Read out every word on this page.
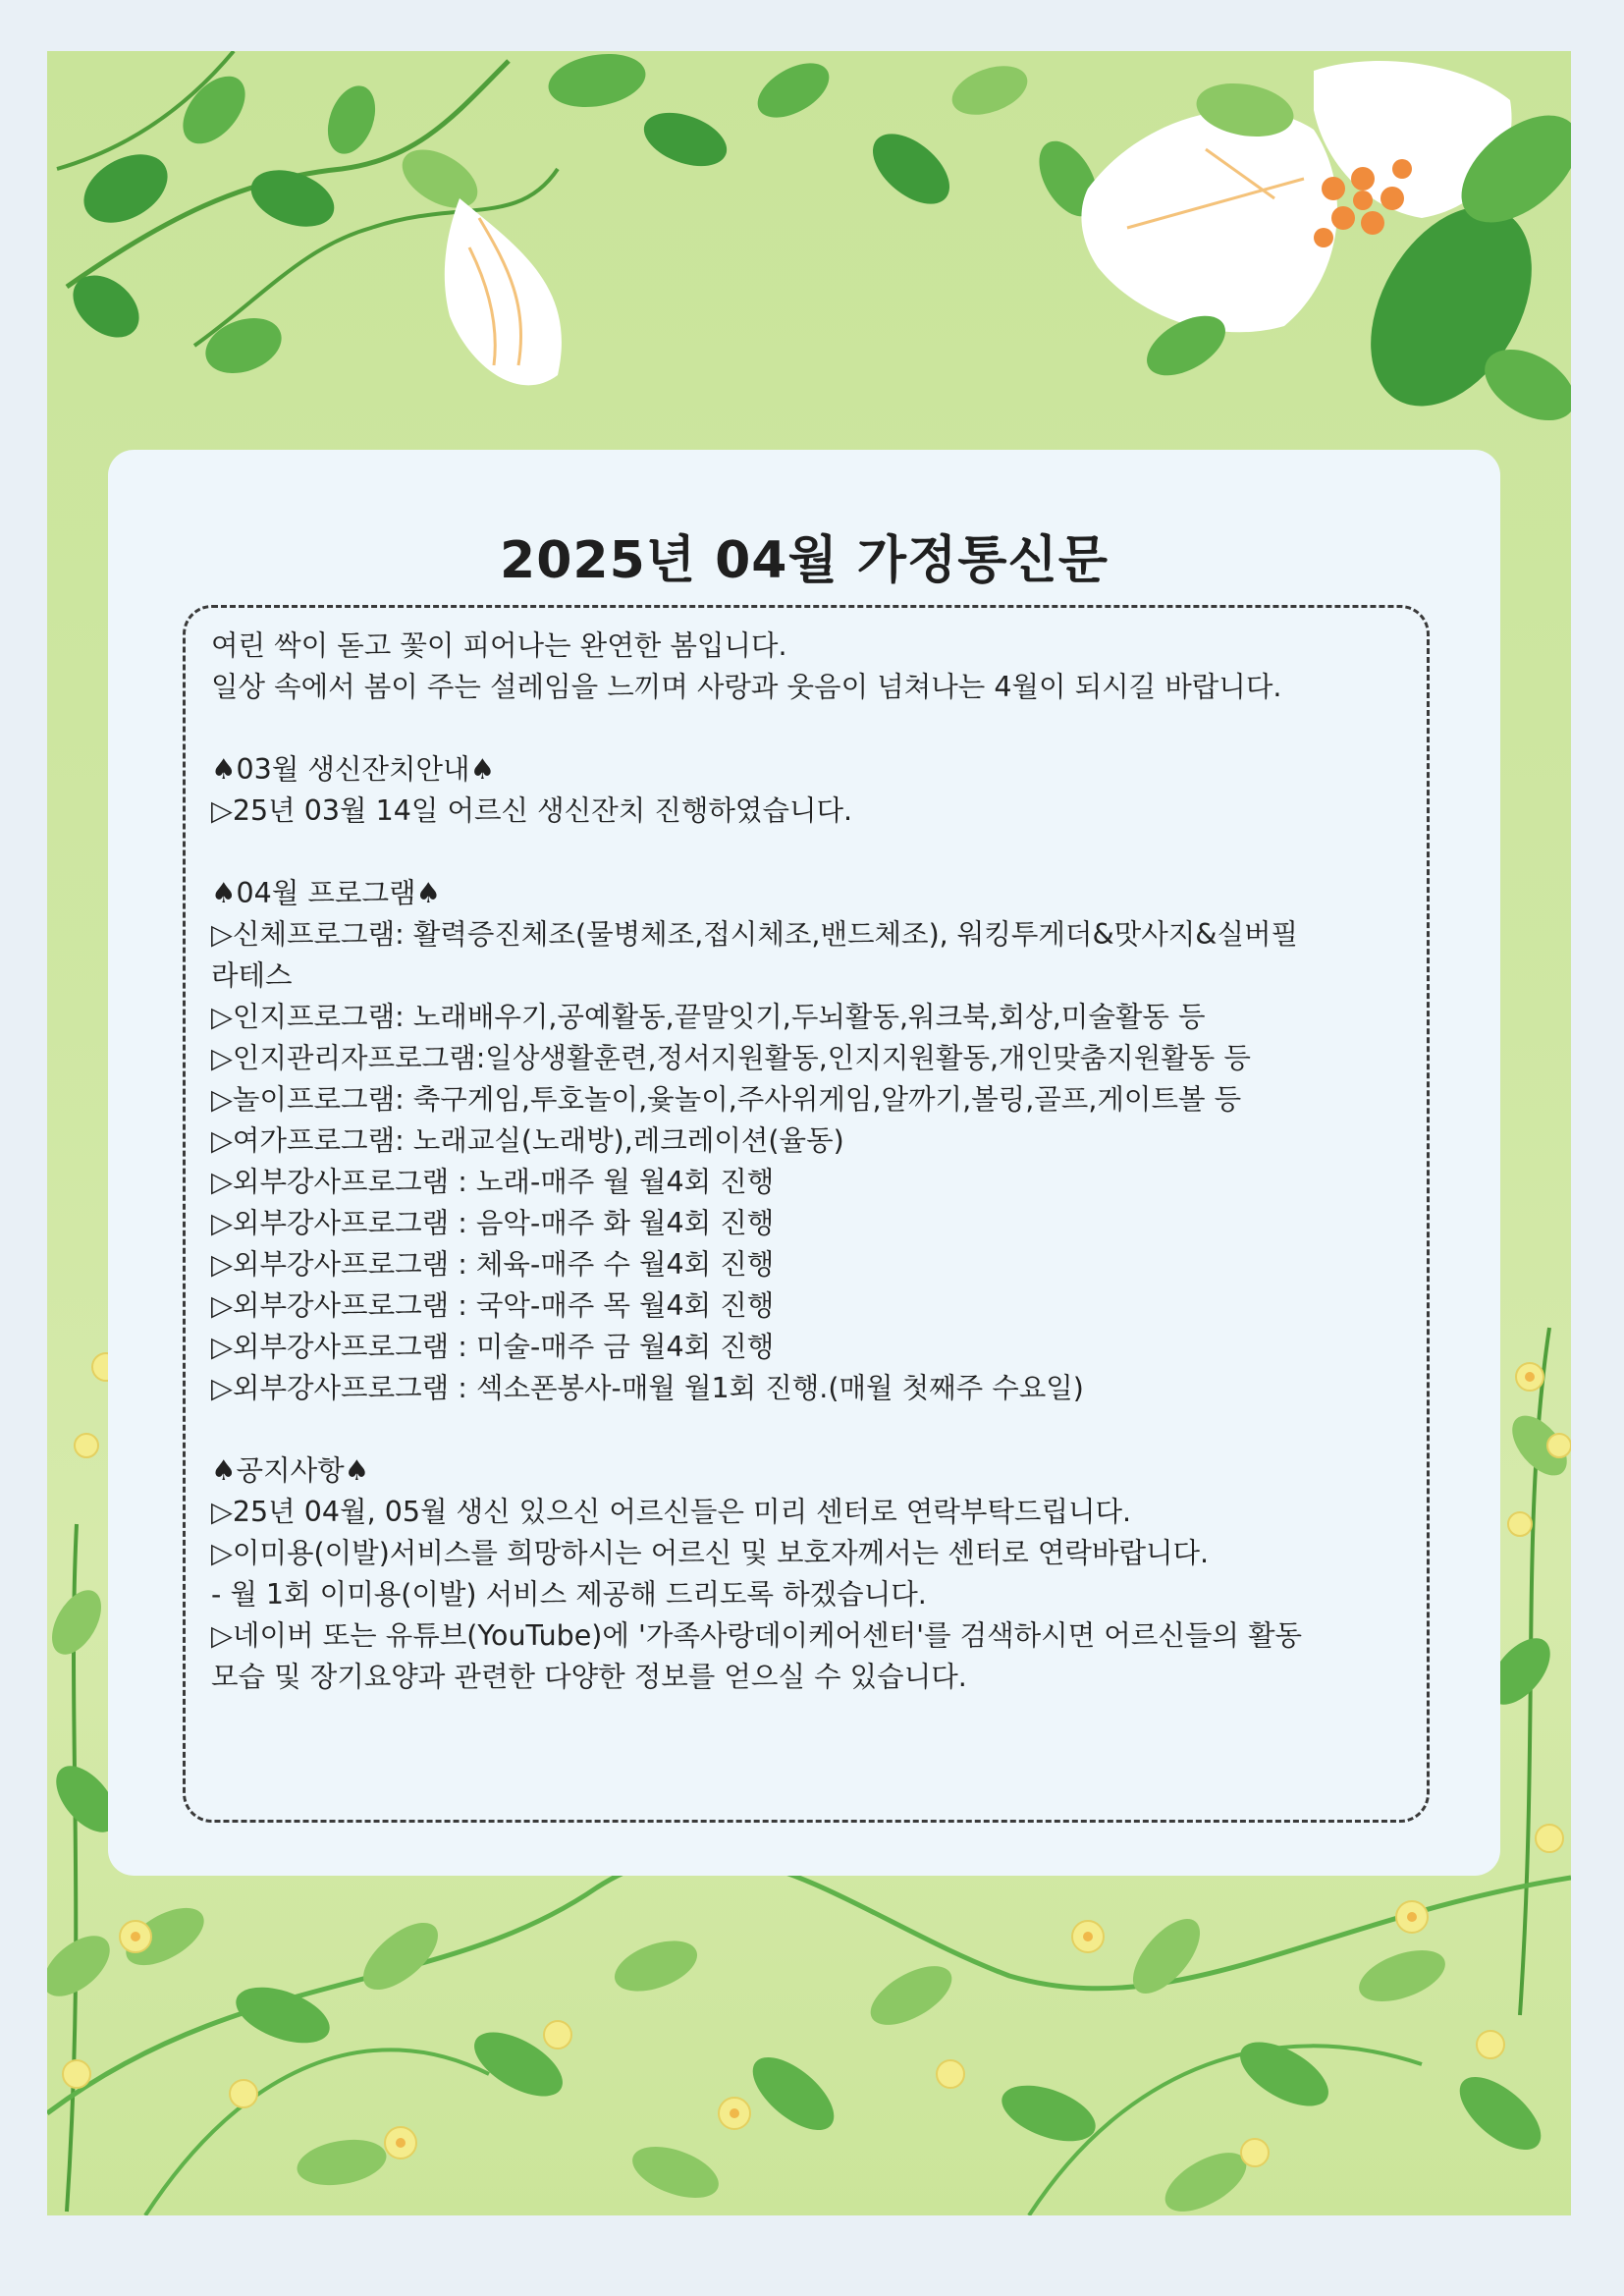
2025년 04월 가정통신문
여린 싹이 돋고 꽃이 피어나는 완연한 봄입니다.
일상 속에서 봄이 주는 설레임을 느끼며 사랑과 웃음이 넘쳐나는 4월이 되시길 바랍니다.
♠03월 생신잔치안내♠
▷25년 03월 14일 어르신 생신잔치 진행하였습니다.
♠04월 프로그램♠
▷신체프로그램: 활력증진체조(물병체조,접시체조,밴드체조), 워킹투게더&맛사지&실버필
라테스
▷인지프로그램: 노래배우기,공예활동,끝말잇기,두뇌활동,워크북,회상,미술활동 등
▷인지관리자프로그램:일상생활훈련,정서지원활동,인지지원활동,개인맞춤지원활동 등
▷놀이프로그램: 축구게임,투호놀이,윷놀이,주사위게임,알까기,볼링,골프,게이트볼 등
▷여가프로그램: 노래교실(노래방),레크레이션(율동)
▷외부강사프로그램 : 노래-매주 월 월4회 진행
▷외부강사프로그램 : 음악-매주 화 월4회 진행
▷외부강사프로그램 : 체육-매주 수 월4회 진행
▷외부강사프로그램 : 국악-매주 목 월4회 진행
▷외부강사프로그램 : 미술-매주 금 월4회 진행
▷외부강사프로그램 : 섹소폰봉사-매월 월1회 진행.(매월 첫째주 수요일)
♠공지사항♠
▷25년 04월, 05월 생신 있으신 어르신들은 미리 센터로 연락부탁드립니다.
▷이미용(이발)서비스를 희망하시는 어르신 및 보호자께서는 센터로 연락바랍니다.
- 월 1회 이미용(이발) 서비스 제공해 드리도록 하겠습니다.
▷네이버 또는 유튜브(YouTube)에 '가족사랑데이케어센터'를 검색하시면 어르신들의 활동
모습 및 장기요양과 관련한 다양한 정보를 얻으실 수 있습니다.
